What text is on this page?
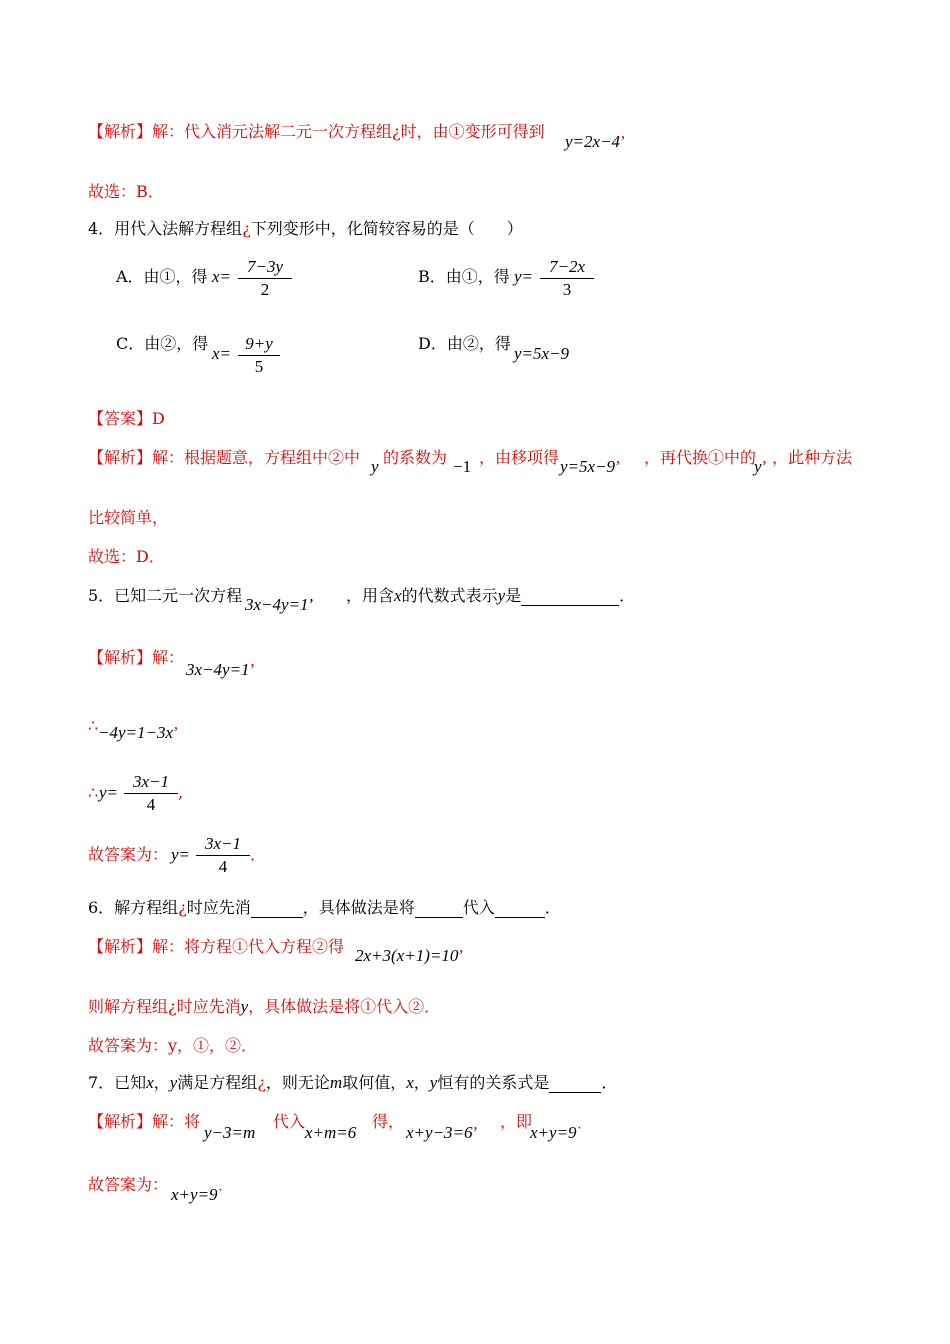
【解析】解：代入消元法解二元一次方程组¿时，由①变形可得到
y=2x−4’
故选：B．
4．用代入法解方程组¿下列变形中，化简较容易的是（　　）
A．由①，得 x=
7−3y
2
B．由①，得 y=
7−2x
3
C．由②，得
x=
9+y
5
D．由②，得
y=5x−9
【答案】D
【解析】解：根据题意，方程组中②中 y 的系数为 −1 ，由移项得 y=5x−9’ ，再代换①中的
y’ ，此种方法
比较简单，
故选：D．
5．已知二元一次方程 3x−4y=1’ ，用含x的代数式表示y是	．
【解析】解：
3x−4y=1’
∴ −4y=1−3x’
∴ y=
3x−1
4
,
故答案为： y=
3x−1
4
．
6．解方程组¿时应先消	，具体做法是将	代入	．
【解析】解：将方程①代入方程②得 2x+3(x+1)=10’
则解方程组¿时应先消y，具体做法是将①代入②．
故答案为：y，①，②．
7．已知x，y满足方程组¿，则无论m取何值，x，y恒有的关系式是	．
【解析】解：将
y−3=m
代入
x+m=6
得，
x+y−3=6’
，即
x+y=9˙
故答案为：
x+y=9˙
